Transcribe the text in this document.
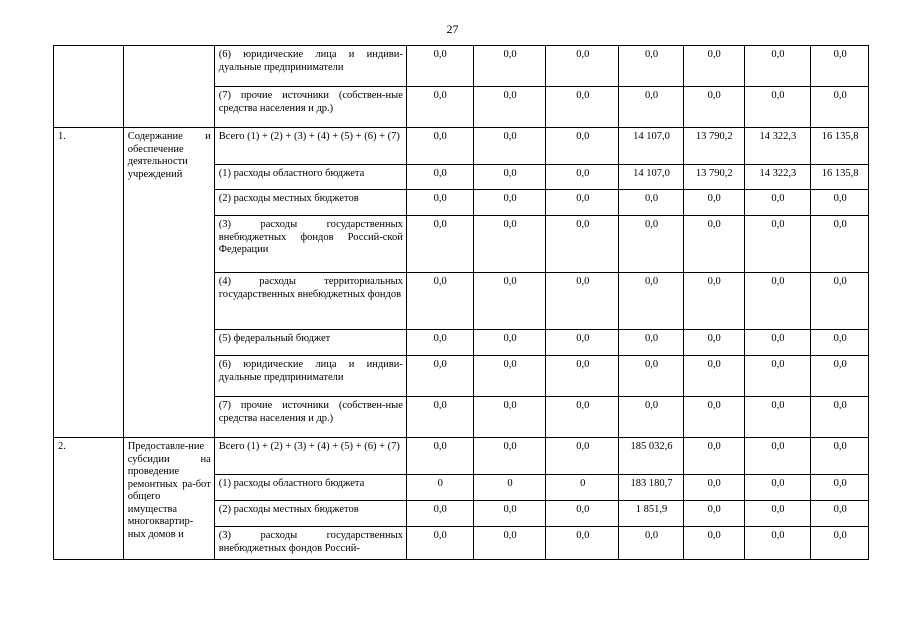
27
		(6) юридические лица и индиви-дуальные предприниматели	0,0	0,0	0,0	0,0	0,0	0,0	0,0
		(7) прочие источники (собствен-ные средства населения и др.)	0,0	0,0	0,0	0,0	0,0	0,0	0,0
1.	Содержание и обеспечение деятельности учреждений	Всего (1) + (2) + (3) + (4) + (5) + (6) + (7)	0,0	0,0	0,0	14 107,0	13 790,2	14 322,3	16 135,8
		(1) расходы областного бюджета	0,0	0,0	0,0	14 107,0	13 790,2	14 322,3	16 135,8
		(2) расходы местных бюджетов	0,0	0,0	0,0	0,0	0,0	0,0	0,0
		(3) расходы государственных внебюджетных фондов Россий-ской Федерации	0,0	0,0	0,0	0,0	0,0	0,0	0,0
		(4) расходы территориальных государственных внебюджетных фондов	0,0	0,0	0,0	0,0	0,0	0,0	0,0
		(5) федеральный бюджет	0,0	0,0	0,0	0,0	0,0	0,0	0,0
		(6) юридические лица и индиви-дуальные предприниматели	0,0	0,0	0,0	0,0	0,0	0,0	0,0
		(7) прочие источники (собствен-ные средства населения и др.)	0,0	0,0	0,0	0,0	0,0	0,0	0,0
2.	Предоставле-ние субсидии на проведение ремонтных ра-бот общего имущества многоквартир-ных домов и	Всего (1) + (2) + (3) + (4) + (5) + (6) + (7)	0,0	0,0	0,0	185 032,6	0,0	0,0	0,0
		(1) расходы областного бюджета	0	0	0	183 180,7	0,0	0,0	0,0
		(2) расходы местных бюджетов	0,0	0,0	0,0	1 851,9	0,0	0,0	0,0
		(3) расходы государственных внебюджетных фондов Россий-	0,0	0,0	0,0	0,0	0,0	0,0	0,0
